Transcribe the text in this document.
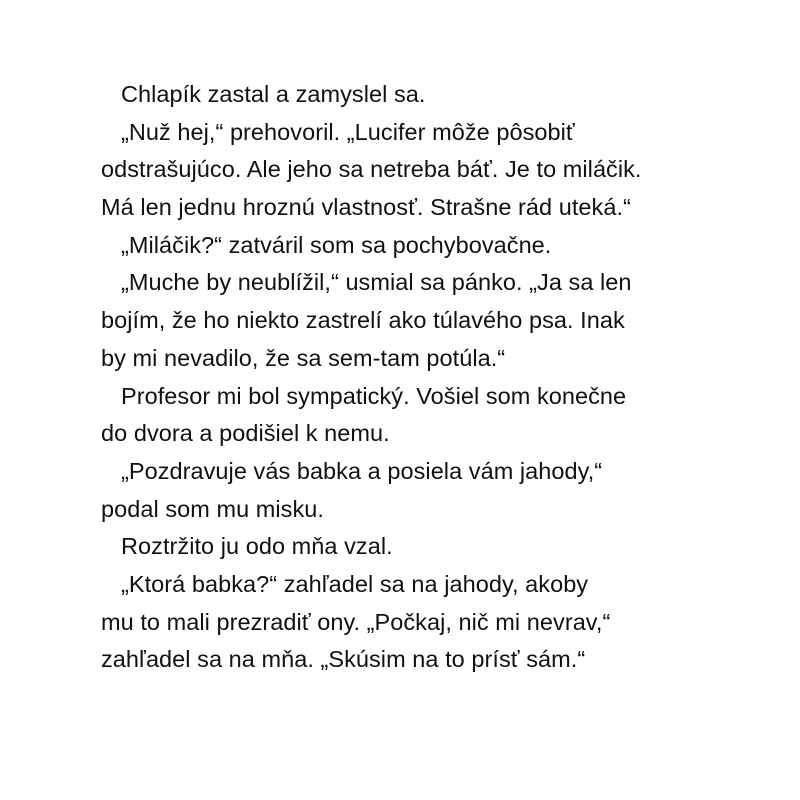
Chlapík zastal a zamyslel sa.
„Nuž hej,“ prehovoril. „Lucifer môže pôsobiť
odstrašujúco. Ale jeho sa netreba báť. Je to miláčik.
Má len jednu hroznú vlastnosť. Strašne rád uteká.“
„Miláčik?“ zatváril som sa pochybovačne.
„Muche by neublížil,“ usmial sa pánko. „Ja sa len
bojím, že ho niekto zastrelí ako túlavého psa. Inak
by mi nevadilo, že sa sem-tam potúla.“
Profesor mi bol sympatický. Vošiel som konečne
do dvora a podišiel k nemu.
„Pozdravuje vás babka a posiela vám jahody,“
podal som mu misku.
Roztržito ju odo mňa vzal.
„Ktorá babka?“ zahľadel sa na jahody, akoby
mu to mali prezradiť ony. „Počkaj, nič mi nevrav,“
zahľadel sa na mňa. „Skúsim na to prísť sám.“
